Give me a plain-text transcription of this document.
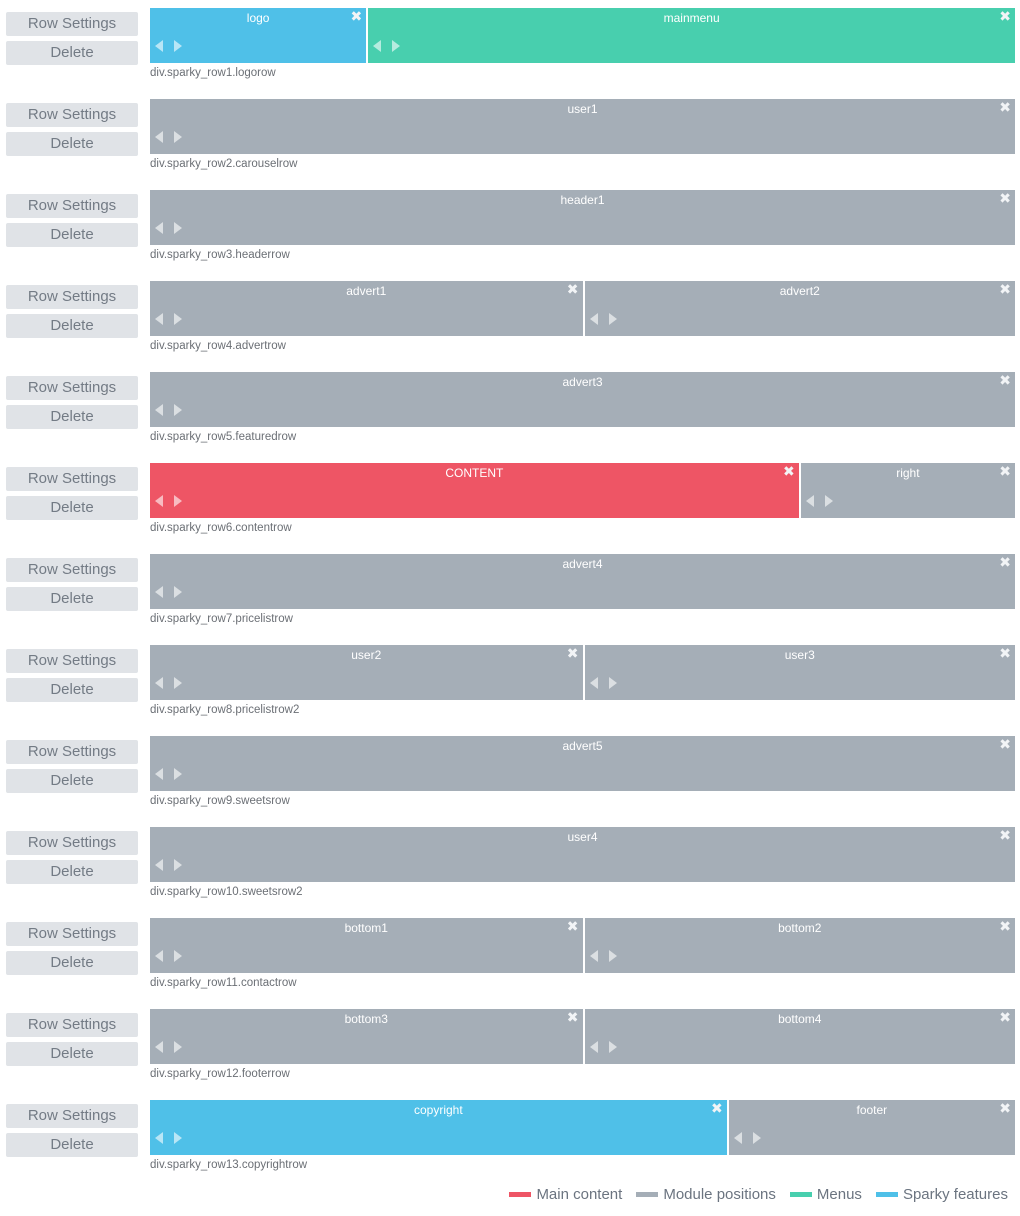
Row Settings
Delete
logo	✖	mainmenu	✖
div.sparky_row1.logorow
Row Settings
Delete
user1	✖
div.sparky_row2.carouselrow
Row Settings
Delete
header1	✖
div.sparky_row3.headerrow
Row Settings
Delete
advert1	✖	advert2	✖
div.sparky_row4.advertrow
Row Settings
Delete
advert3	✖
div.sparky_row5.featuredrow
Row Settings
Delete
CONTENT	✖	right	✖
div.sparky_row6.contentrow
Row Settings
Delete
advert4	✖
div.sparky_row7.pricelistrow
Row Settings
Delete
user2	✖	user3	✖
div.sparky_row8.pricelistrow2
Row Settings
Delete
advert5	✖
div.sparky_row9.sweetsrow
Row Settings
Delete
user4	✖
div.sparky_row10.sweetsrow2
Row Settings
Delete
bottom1	✖	bottom2	✖
div.sparky_row11.contactrow
Row Settings
Delete
bottom3	✖	bottom4	✖
div.sparky_row12.footerrow
Row Settings
Delete
copyright	✖	footer	✖
div.sparky_row13.copyrightrow
Main content	Module positions	Menus	Sparky features
